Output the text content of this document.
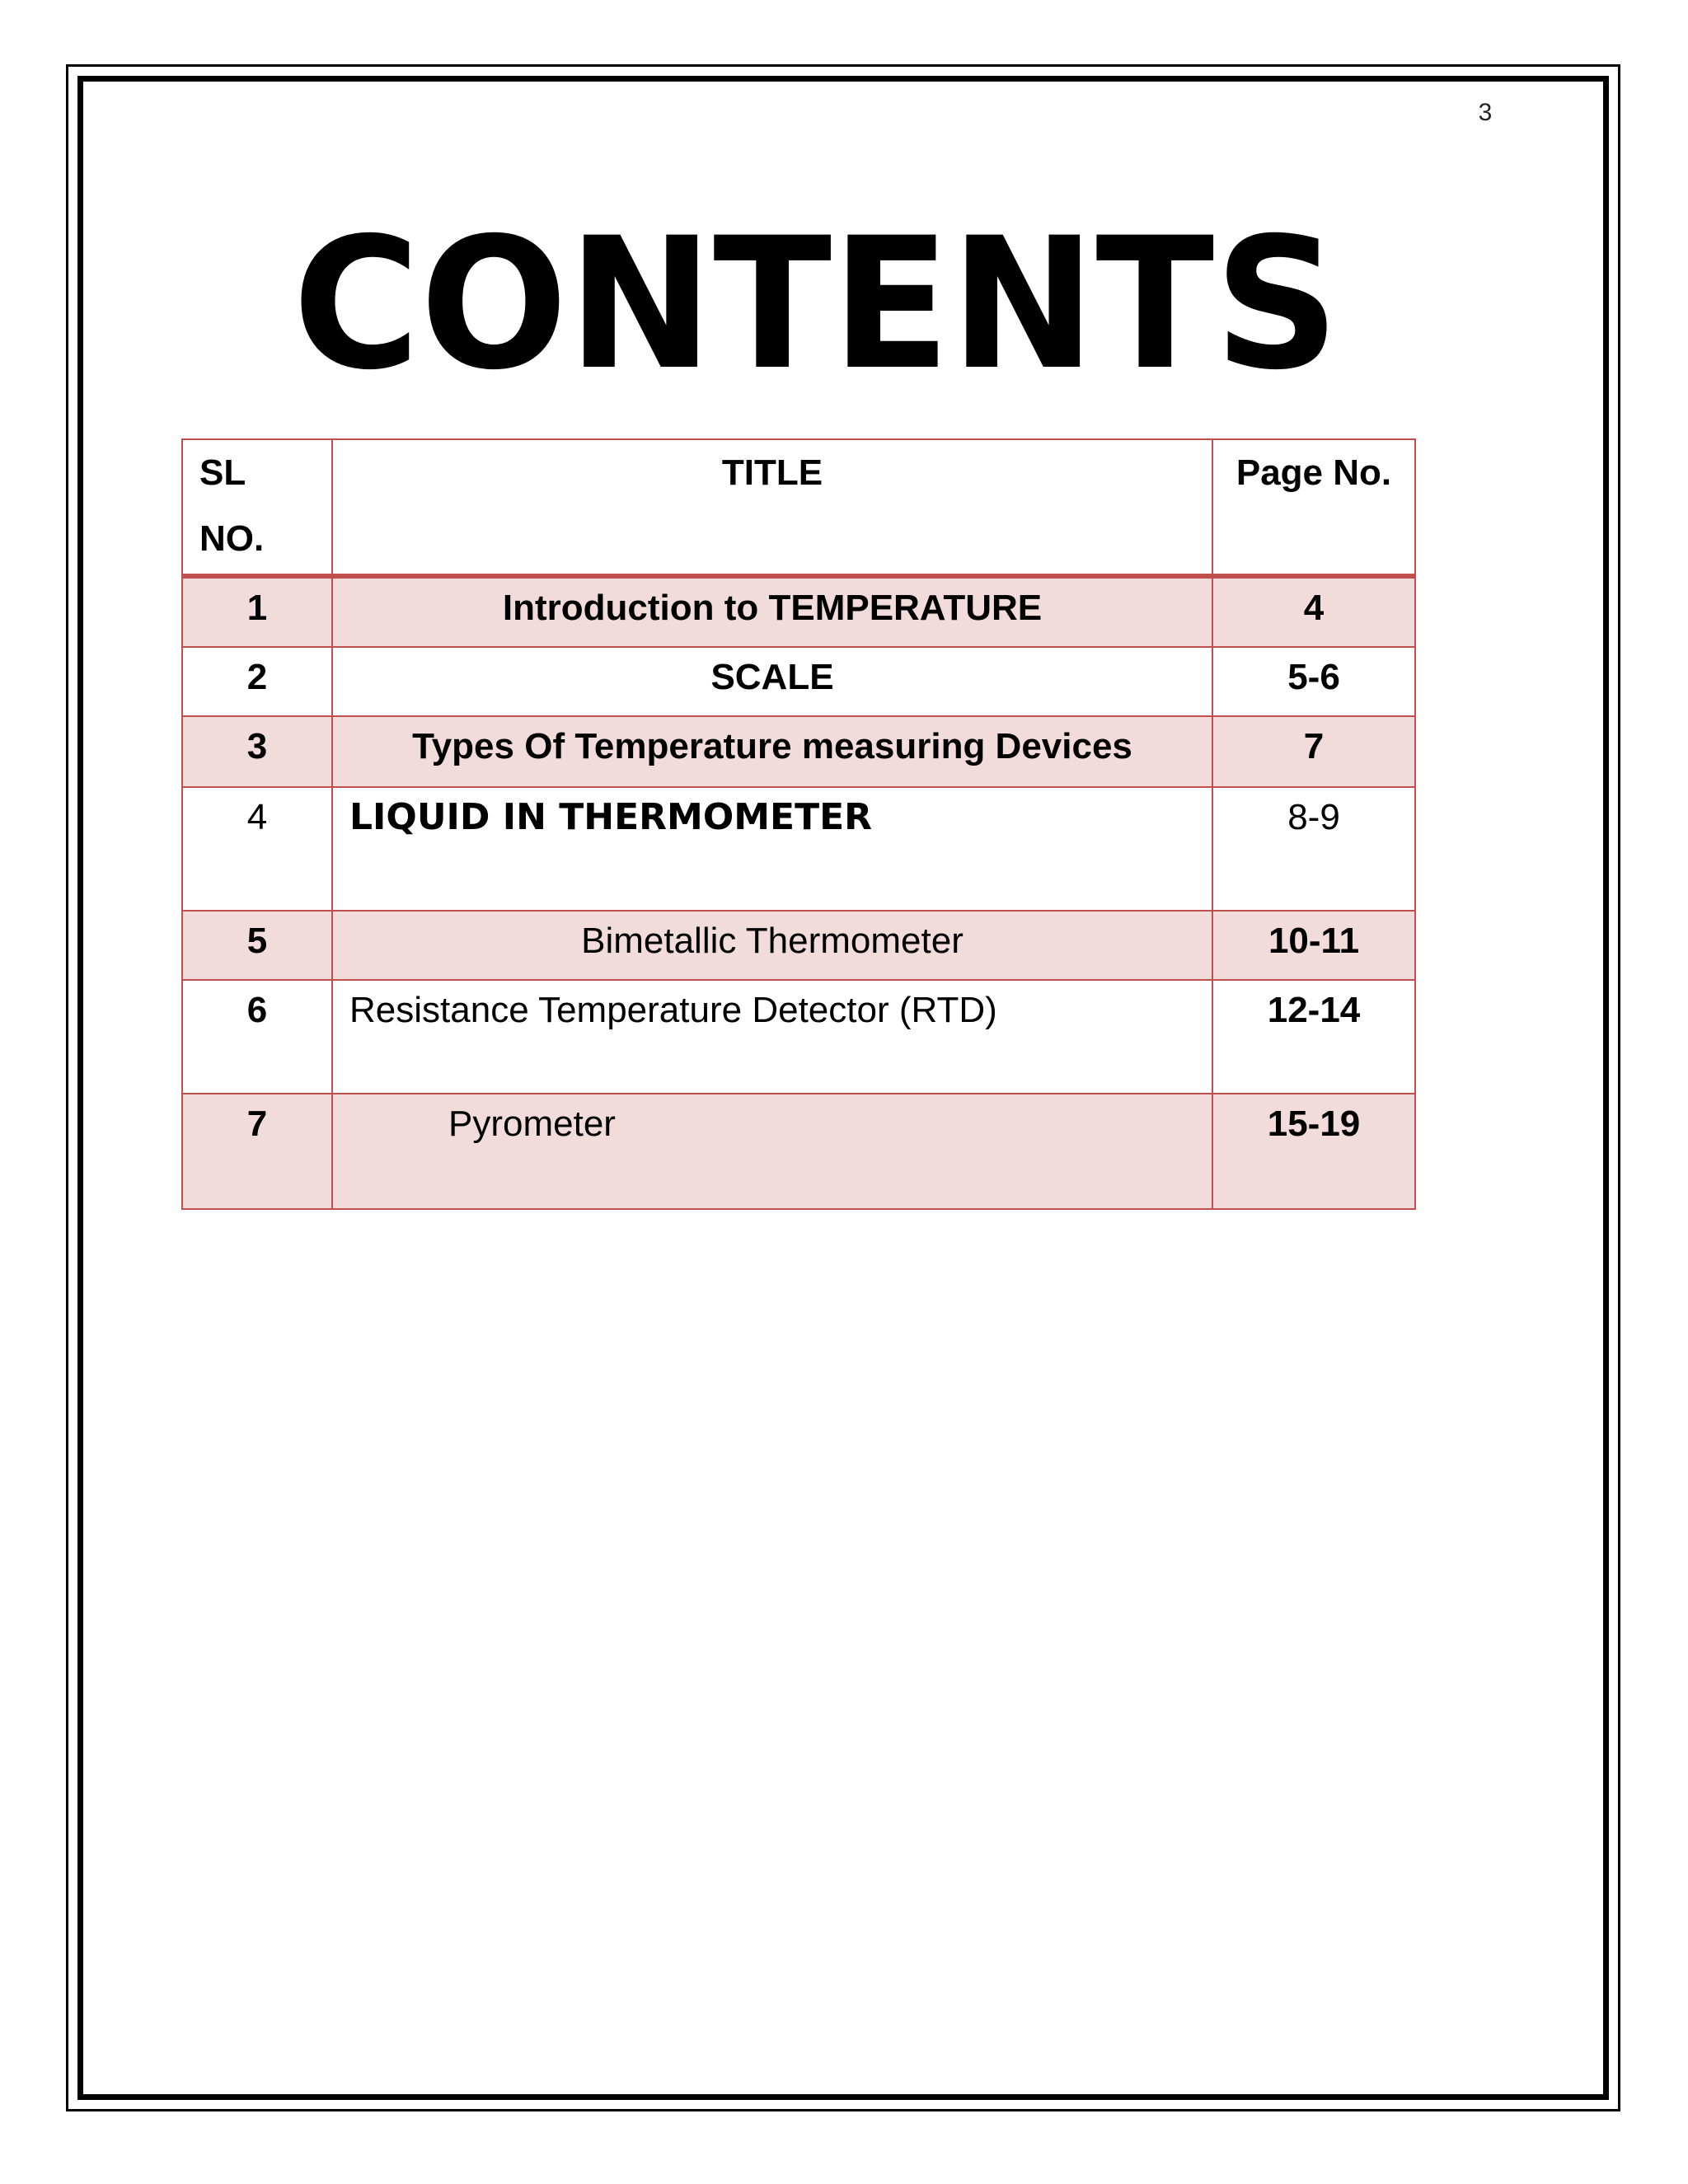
3
CONTENTS
SL
NO.	TITLE	Page No.
1	Introduction to TEMPERATURE	4
2	SCALE	5-6
3	Types Of Temperature measuring Devices	7
4	LIQUID IN THERMOMETER	8-9
5	Bimetallic Thermometer	10-11
6	Resistance Temperature Detector (RTD)	12-14
7	Pyrometer	15-19
